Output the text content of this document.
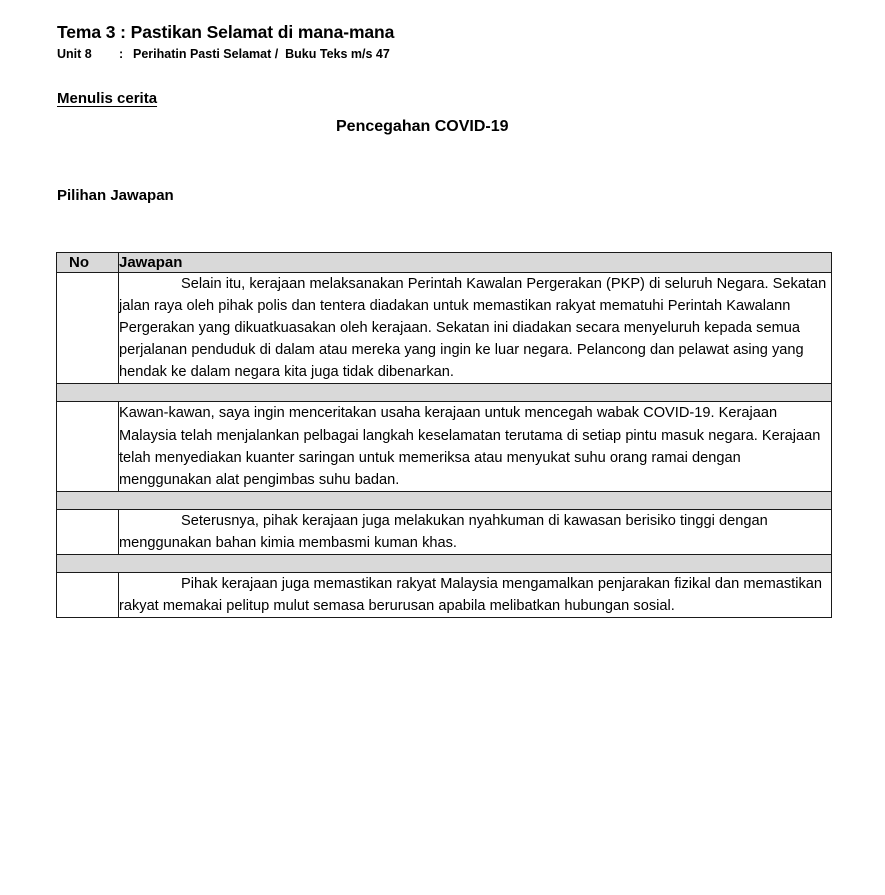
Tema 3 : Pastikan Selamat di mana-mana
Unit 8	: Perihatin Pasti Selamat /  Buku Teks m/s 47
Menulis cerita
Pencegahan COVID-19
Pilihan Jawapan
No	Jawapan

	Selain itu, kerajaan melaksanakan Perintah Kawalan Pergerakan (PKP) di seluruh Negara. Sekatan jalan raya oleh pihak polis dan tentera diadakan untuk memastikan rakyat mematuhi Perintah Kawalann Pergerakan yang dikuatkuasakan oleh kerajaan. Sekatan ini diadakan secara menyeluruh kepada semua perjalanan penduduk di dalam atau mereka yang ingin ke luar negara. Pelancong dan pelawat asing yang hendak ke dalam negara kita juga tidak dibenarkan.

	Kawan-kawan, saya ingin menceritakan usaha kerajaan untuk mencegah wabak COVID-19. Kerajaan Malaysia telah menjalankan pelbagai langkah keselamatan terutama di setiap pintu masuk negara. Kerajaan telah menyediakan kuanter saringan untuk memeriksa atau menyukat suhu orang ramai dengan menggunakan alat pengimbas suhu badan.

	Seterusnya, pihak kerajaan juga melakukan nyahkuman di kawasan berisiko tinggi dengan menggunakan bahan kimia membasmi kuman khas.

	Pihak kerajaan juga memastikan rakyat Malaysia mengamalkan penjarakan fizikal dan memastikan rakyat memakai pelitup mulut semasa berurusan apabila melibatkan hubungan sosial.
